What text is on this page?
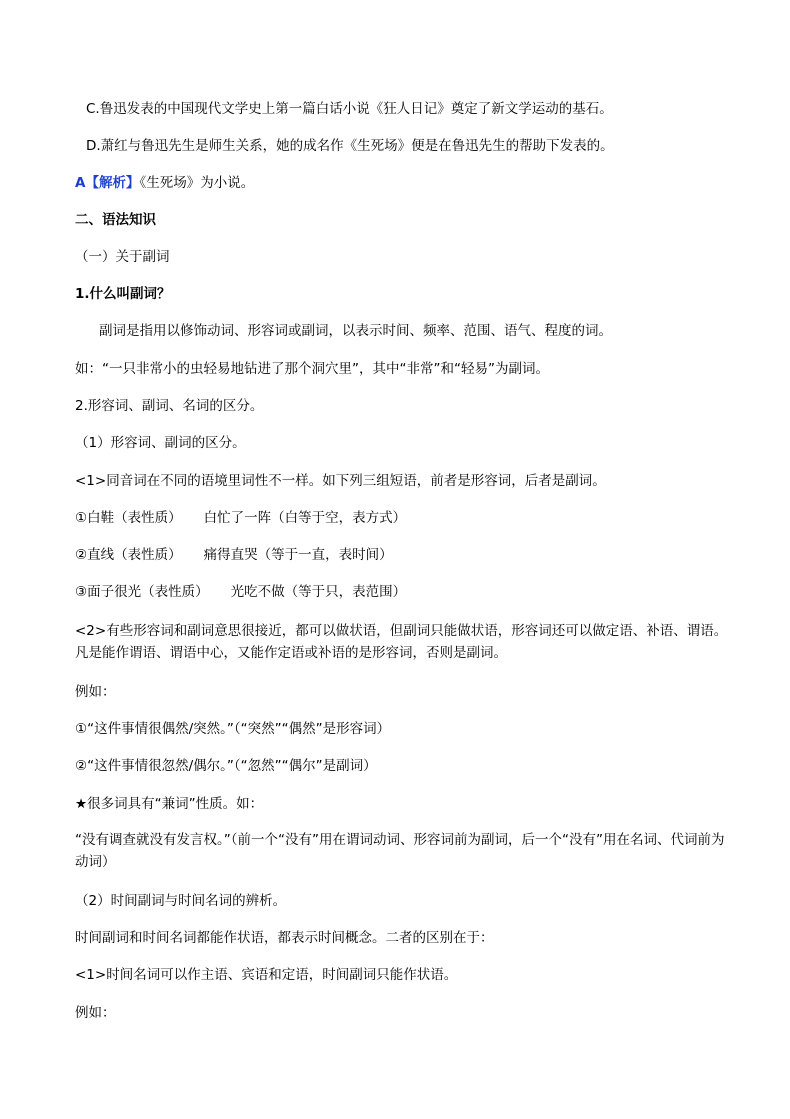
C.鲁迅发表的中国现代文学史上第一篇白话小说《狂人日记》奠定了新文学运动的基石。
D.萧红与鲁迅先生是师生关系，她的成名作《生死场》便是在鲁迅先生的帮助下发表的。
A【解析】《生死场》为小说。
二、语法知识
（一）关于副词
1.什么叫副词？
副词是指用以修饰动词、形容词或副词，以表示时间、频率、范围、语气、程度的词。
如：“一只非常小的虫轻易地钻进了那个洞穴里”，其中“非常”和“轻易”为副词。
2.形容词、副词、名词的区分。
（1）形容词、副词的区分。
<1>同音词在不同的语境里词性不一样。如下列三组短语，前者是形容词，后者是副词。
①白鞋（表性质） 白忙了一阵（白等于空，表方式）
②直线（表性质） 痛得直哭（等于一直，表时间）
③面子很光（表性质） 光吃不做（等于只，表范围）
<2>有些形容词和副词意思很接近，都可以做状语，但副词只能做状语，形容词还可以做定语、补语、谓语。凡是能作谓语、谓语中心，又能作定语或补语的是形容词，否则是副词。
例如：
①“这件事情很偶然/突然。”（“突然”“偶然”是形容词）
②“这件事情很忽然/偶尔。”（“忽然”“偶尔”是副词）
★很多词具有“兼词”性质。如：
“没有调查就没有发言权。”（前一个“没有”用在谓词动词、形容词前为副词，后一个“没有”用在名词、代词前为动词）
（2）时间副词与时间名词的辨析。
时间副词和时间名词都能作状语，都表示时间概念。二者的区别在于：
<1>时间名词可以作主语、宾语和定语，时间副词只能作状语。
例如：
